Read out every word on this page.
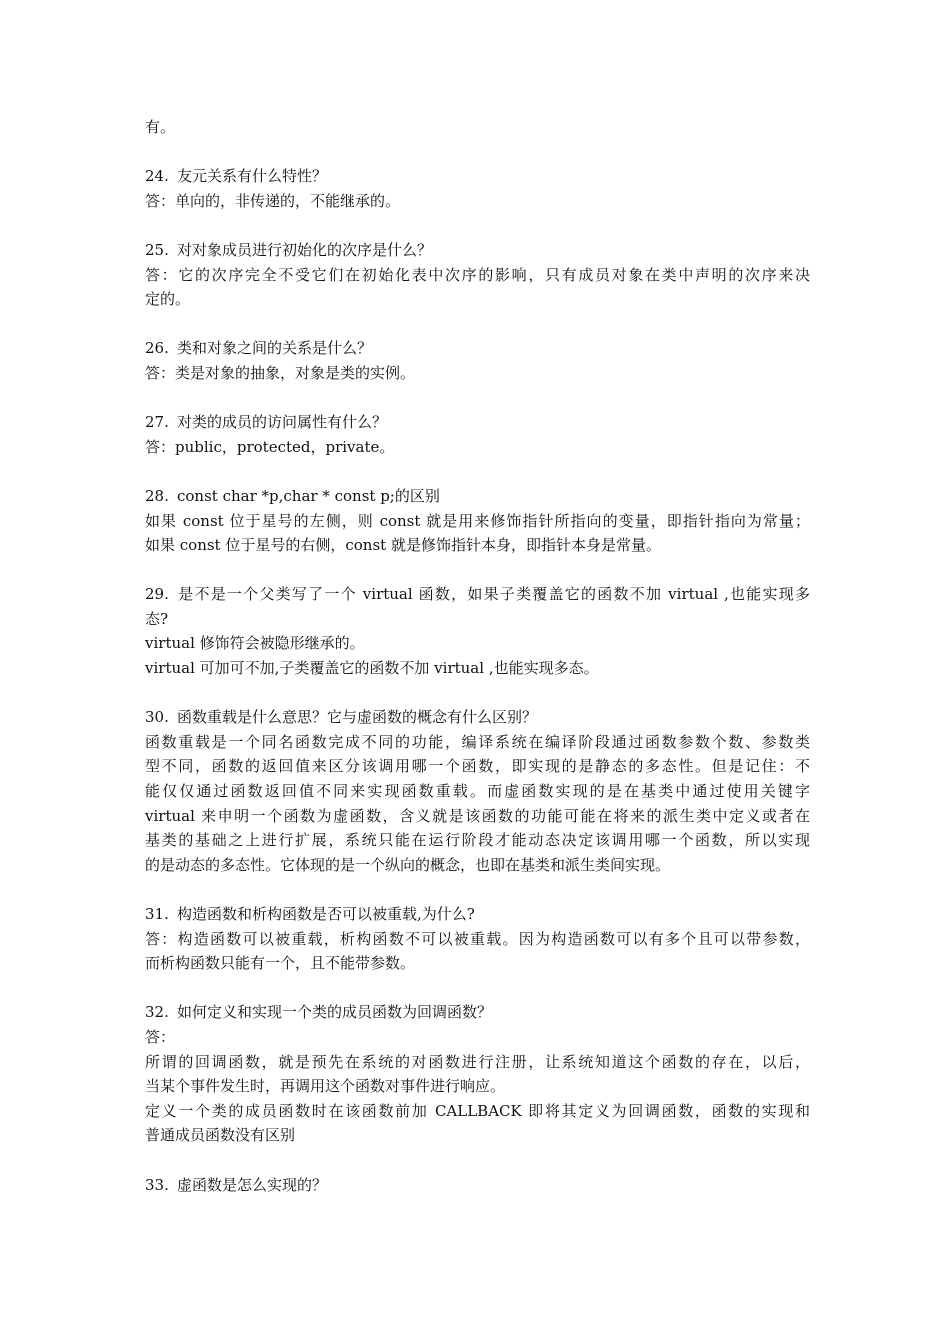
有。

24. 友元关系有什么特性？

答：单向的，非传递的，不能继承的。

25. 对对象成员进行初始化的次序是什么？

答：它的次序完全不受它们在初始化表中次序的影响，只有成员对象在类中声明的次序来决

定的。

26. 类和对象之间的关系是什么？

答：类是对象的抽象，对象是类的实例。

27. 对类的成员的访问属性有什么？

答：public，protected，private。

28. const char *p,char * const p;的区别

如果 const 位于星号的左侧，则 const 就是用来修饰指针所指向的变量，即指针指向为常量；

如果 const 位于星号的右侧，const 就是修饰指针本身，即指针本身是常量。

29. 是不是一个父类写了一个 virtual 函数，如果子类覆盖它的函数不加 virtual ,也能实现多

态?

virtual 修饰符会被隐形继承的。

virtual 可加可不加,子类覆盖它的函数不加 virtual ,也能实现多态。

30. 函数重载是什么意思？它与虚函数的概念有什么区别？

函数重载是一个同名函数完成不同的功能，编译系统在编译阶段通过函数参数个数、参数类

型不同，函数的返回值来区分该调用哪一个函数，即实现的是静态的多态性。但是记住：不

能仅仅通过函数返回值不同来实现函数重载。而虚函数实现的是在基类中通过使用关键字

virtual 来申明一个函数为虚函数，含义就是该函数的功能可能在将来的派生类中定义或者在

基类的基础之上进行扩展，系统只能在运行阶段才能动态决定该调用哪一个函数，所以实现

的是动态的多态性。它体现的是一个纵向的概念，也即在基类和派生类间实现。

31. 构造函数和析构函数是否可以被重载,为什么?

答：构造函数可以被重载，析构函数不可以被重载。因为构造函数可以有多个且可以带参数，

而析构函数只能有一个，且不能带参数。

32. 如何定义和实现一个类的成员函数为回调函数？

答：

所谓的回调函数，就是预先在系统的对函数进行注册，让系统知道这个函数的存在，以后，

当某个事件发生时，再调用这个函数对事件进行响应。

定义一个类的成员函数时在该函数前加 CALLBACK 即将其定义为回调函数，函数的实现和

普通成员函数没有区别

33. 虚函数是怎么实现的？
